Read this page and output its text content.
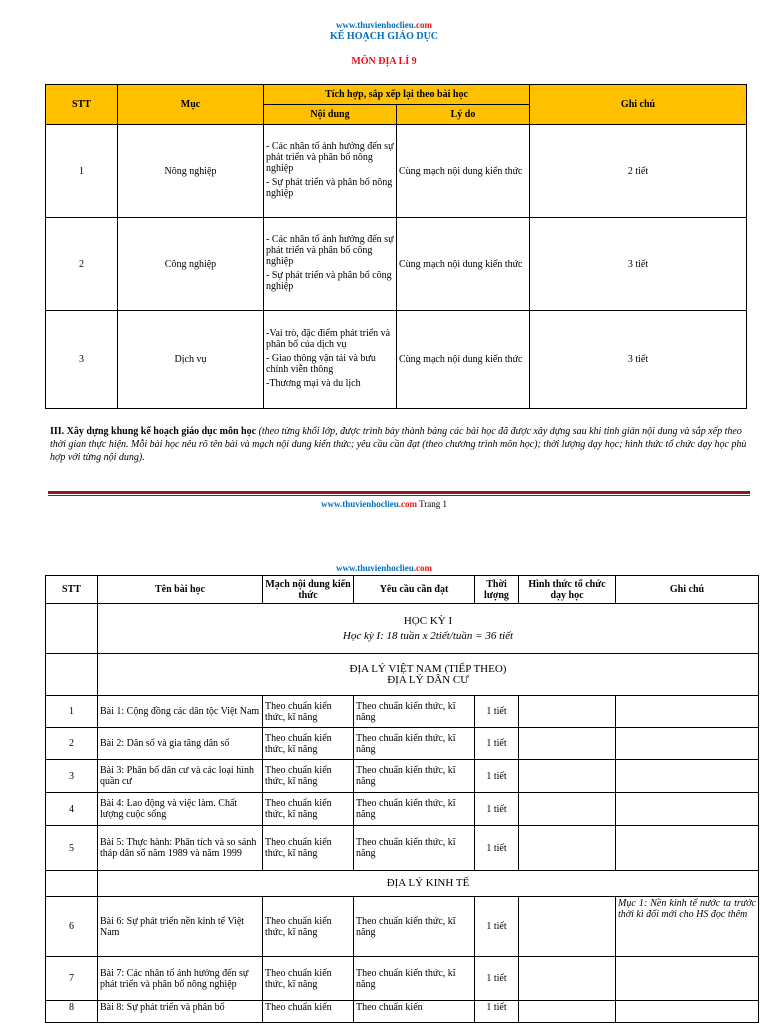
www.thuvienhoclieu.com
KẾ HOẠCH GIÁO DỤC
MÔN ĐỊA LÍ 9
STT	Mục	Tích hợp, sắp xếp lại theo bài học		Ghi chú
		Nội dung	Lý do	
1	Nông nghiệp	- Các nhân tố ảnh hưởng đến sự phát triển và phân bố nông nghiệp

- Sự phát triển và phân bố nông nghiệp	Cùng mạch nội dung kiến thức	2 tiết
2	Công nghiệp	- Các nhân tố ảnh hưởng đến sự phát triển và phân bố công nghiệp

- Sự phát triển và phân bố công nghiệp	Cùng mạch nội dung kiến thức	3 tiết
3	Dịch vụ	-Vai trò, đặc điểm phát triển và phân bố của dịch vụ

- Giao thông vận tải và bưu chính viễn thông

-Thương mại và du lịch	Cùng mạch nội dung kiến thức	3 tiết
III. Xây dựng khung kế hoạch giáo dục môn học (theo từng khối lớp, được trình bày thành bảng các bài học đã được xây dựng sau khi tinh giản nội dung và sắp xếp theo thời gian thực hiện. Mỗi bài học nêu rõ tên bài và mạch nội dung kiến thức; yêu cầu cần đạt (theo chương trình môn học); thời lượng dạy học; hình thức tổ chức dạy học phù hợp với từng nội dung).
www.thuvienhoclieu.com Trang 1
www.thuvienhoclieu.com
STT	Tên bài học	Mạch nội dung kiến thức	Yêu cầu cần đạt	Thời lượng	Hình thức tổ chức dạy học	Ghi chú

	HỌC KỲ I
Học kỳ I: 18 tuần x 2tiết/tuần = 36 tiết					

	ĐỊA LÝ VIỆT NAM (TIẾP THEO)
ĐỊA LÝ DÂN CƯ					

1	Bài 1: Cộng đồng các dân tộc Việt Nam	Theo chuẩn kiến thức, kĩ năng	Theo chuẩn kiến thức, kĩ năng	1 tiết		
2	Bài 2: Dân số và gia tăng dân số	Theo chuẩn kiến thức, kĩ năng	Theo chuẩn kiến thức, kĩ năng	1 tiết		
3	Bài 3: Phân bố dân cư và các loại hình quần cư	Theo chuẩn kiến thức, kĩ năng	Theo chuẩn kiến thức, kĩ năng	1 tiết		
4	Bài 4: Lao động và việc làm. Chất lượng cuộc sống	Theo chuẩn kiến thức, kĩ năng	Theo chuẩn kiến thức, kĩ năng	1 tiết		
5	Bài 5: Thực hành: Phân tích và so sánh tháp dân số năm 1989 và năm 1999	Theo chuẩn kiến thức, kĩ năng	Theo chuẩn kiến thức, kĩ năng	1 tiết		
	ĐỊA LÝ KINH TẾ					
6	Bài 6: Sự phát triển nền kinh tế Việt Nam	Theo chuẩn kiến thức, kĩ năng	Theo chuẩn kiến thức, kĩ năng	1 tiết		Mục 1: Nền kinh tế nước ta trước thời kì đổi mới cho HS đọc thêm
7	Bài 7: Các nhân tố ảnh hưởng đến sự phát triển và phân bố nông nghiệp	Theo chuẩn kiến thức, kĩ năng	Theo chuẩn kiến thức, kĩ năng	1 tiết		
8	Bài 8: Sự phát triển và phân bố	Theo chuẩn kiến	Theo chuẩn kiến	1 tiết		
